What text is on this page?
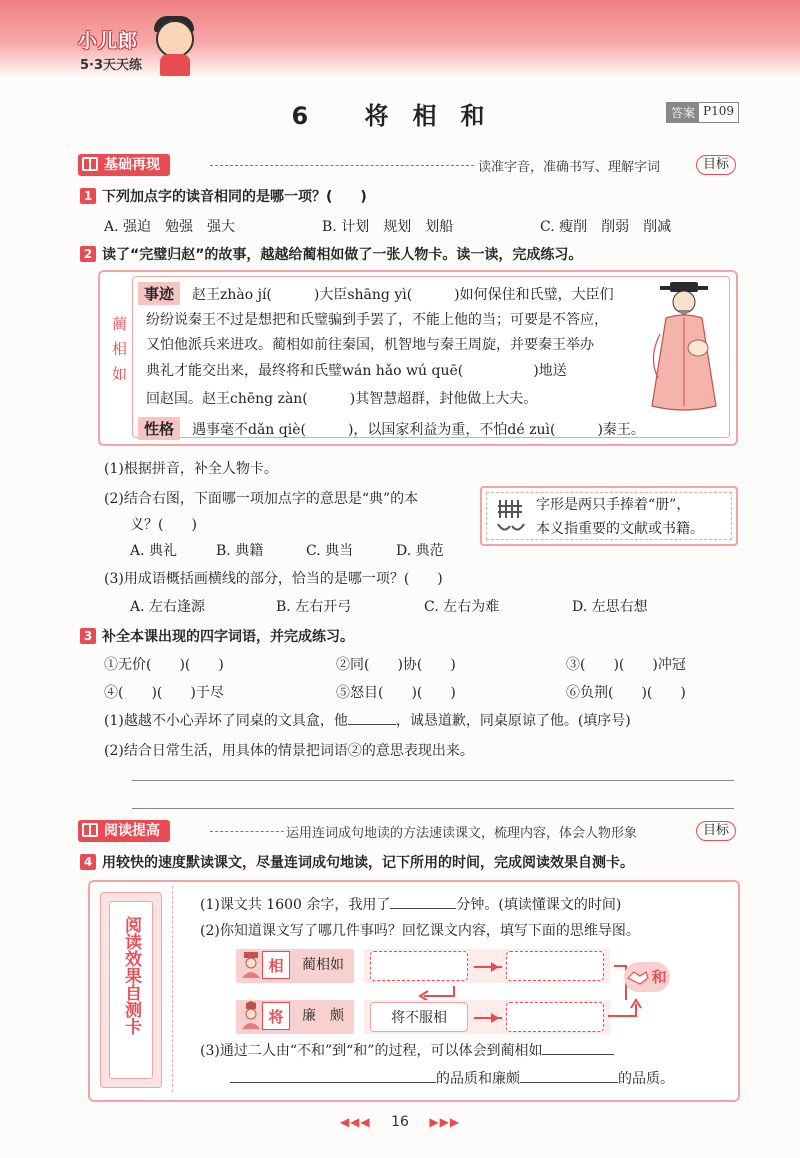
小儿郎
5·3天天练
6 将相和	答案 P109
基础再现	读准字音，准确书写、理解字词	目标
1 下列加点字的读音相同的是哪一项？(　　)
A. 强迫　勉强　强大	B. 计划　规划　划船	C. 瘦削　削弱　削减
2 读了“完璧归赵”的故事，越越给蔺相如做了一张人物卡。读一读，完成练习。
蔺相如
事迹	赵王zhào jí(　　　)大臣shāng yì(　　　)如何保住和氏璧，大臣们
纷纷说秦王不过是想把和氏璧骗到手罢了，不能上他的当；可要是不答应，
又怕他派兵来进攻。蔺相如前往秦国，机智地与秦王周旋，并要秦王举办
典礼才能交出来，最终将和氏璧wán hǎo wú quē(　　　　　)地送
回赵国。赵王chēng zàn(　　　)其智慧超群，封他做上大夫。
性格	遇事毫不dǎn qiè(　　　)，以国家利益为重，不怕dé zuì(　　　)秦王。
(1)根据拼音，补全人物卡。
(2)结合右图，下面哪一项加点字的意思是“典”的本
义？(　　)
A. 典礼	B. 典籍	C. 典当	D. 典范
字形是两只手捧着“册”，
本义指重要的文献或书籍。
(3)用成语概括画横线的部分，恰当的是哪一项？(　　)
A. 左右逢源	B. 左右开弓	C. 左右为难	D. 左思右想
3 补全本课出现的四字词语，并完成练习。
①无价(　　)(　　)	②同(　　)协(　　)	③(　　)(　　)冲冠
④(　　)(　　)于尽	⑤怒目(　　)(　　)	⑥负荆(　　)(　　)
(1)越越不小心弄坏了同桌的文具盒，他	，诚恳道歉，同桌原谅了他。(填序号)
(2)结合日常生活，用具体的情景把词语②的意思表现出来。
阅读提高	运用连词成句地读的方法速读课文，梳理内容，体会人物形象	目标
4 用较快的速度默读课文，尽量连词成句地读，记下所用的时间，完成阅读效果自测卡。
阅读效果自测卡
(1)课文共 1600 余字，我用了	分钟。(填读懂课文的时间)
(2)你知道课文写了哪几件事吗？回忆课文内容，填写下面的思维导图。
相	蔺相如
和
将	廉　颇	将不服相
(3)通过二人由“不和”到“和”的过程，可以体会到蔺相如
的品质和廉颇	的品质。
◀◀◀ 16 ▶▶▶
